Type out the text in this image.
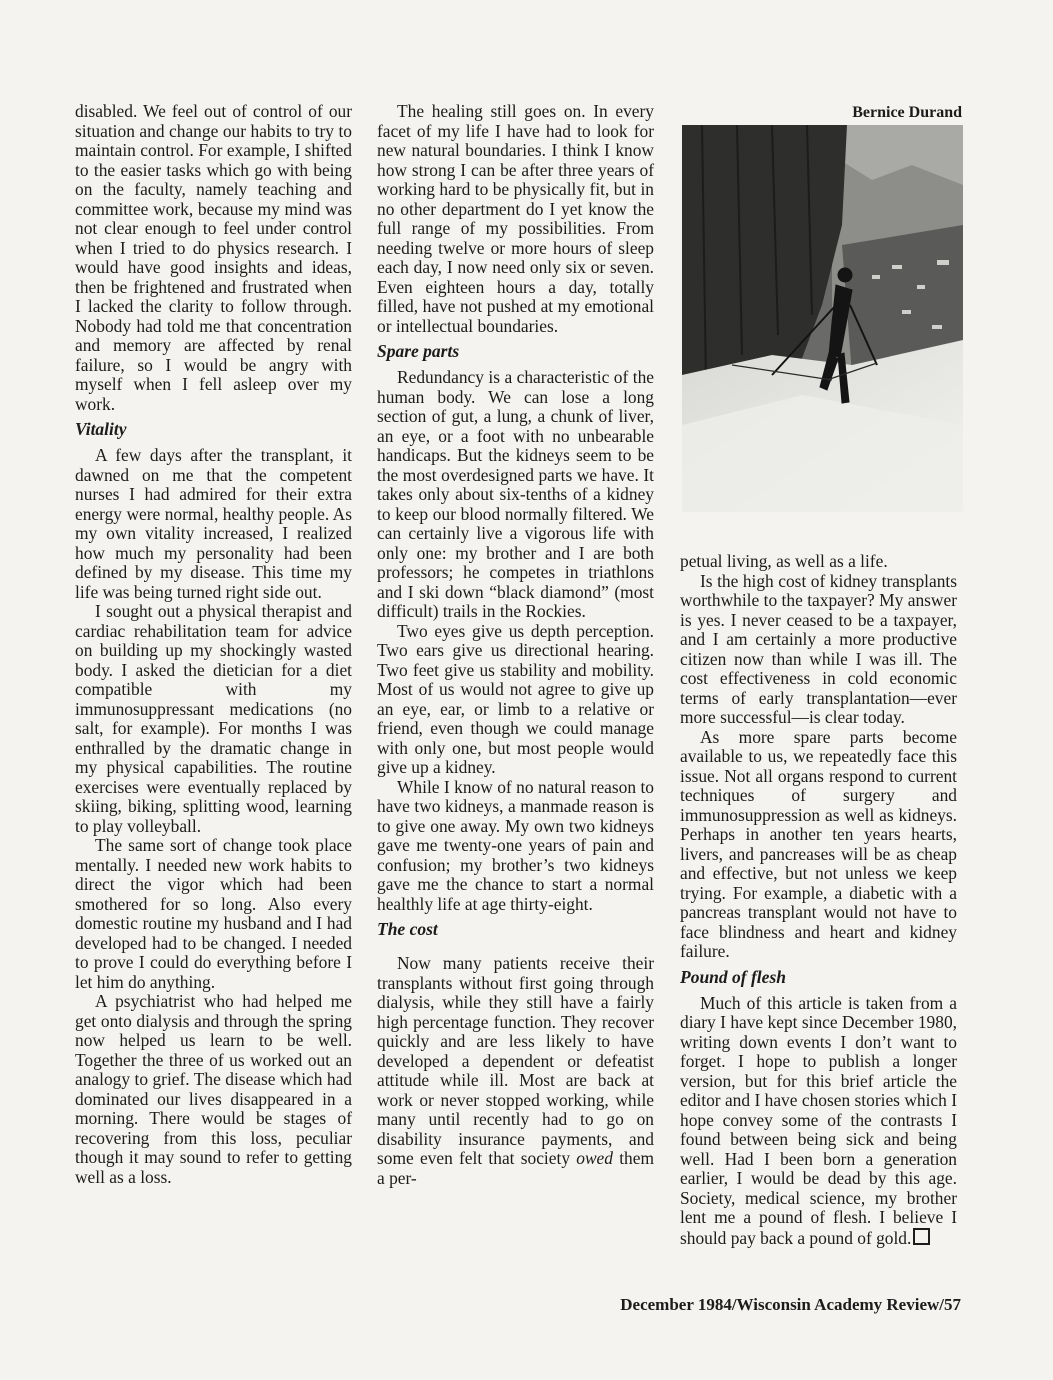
disabled. We feel out of control of our situation and change our habits to try to maintain control. For example, I shifted to the easier tasks which go with being on the faculty, namely teaching and committee work, because my mind was not clear enough to feel under control when I tried to do physics research. I would have good insights and ideas, then be frightened and frustrated when I lacked the clarity to follow through. Nobody had told me that concentration and memory are affected by renal failure, so I would be angry with myself when I fell asleep over my work.

Vitality

A few days after the transplant, it dawned on me that the competent nurses I had admired for their extra energy were normal, healthy people. As my own vitality increased, I realized how much my personality had been defined by my disease. This time my life was being turned right side out.

I sought out a physical therapist and cardiac rehabilitation team for advice on building up my shockingly wasted body. I asked the dietician for a diet compatible with my immunosuppressant medications (no salt, for example). For months I was enthralled by the dramatic change in my physical capabilities. The routine exercises were eventually replaced by skiing, biking, splitting wood, learning to play volleyball.

The same sort of change took place mentally. I needed new work habits to direct the vigor which had been smothered for so long. Also every domestic routine my husband and I had developed had to be changed. I needed to prove I could do everything before I let him do anything.

A psychiatrist who had helped me get onto dialysis and through the spring now helped us learn to be well. Together the three of us worked out an analogy to grief. The disease which had dominated our lives disappeared in a morning. There would be stages of recovering from this loss, peculiar though it may sound to refer to getting well as a loss.

The healing still goes on. In every facet of my life I have had to look for new natural boundaries. I think I know how strong I can be after three years of working hard to be physically fit, but in no other department do I yet know the full range of my possibilities. From needing twelve or more hours of sleep each day, I now need only six or seven. Even eighteen hours a day, totally filled, have not pushed at my emotional or intellectual boundaries.

Spare parts

Redundancy is a characteristic of the human body. We can lose a long section of gut, a lung, a chunk of liver, an eye, or a foot with no unbearable handicaps. But the kidneys seem to be the most overdesigned parts we have. It takes only about six-tenths of a kidney to keep our blood normally filtered. We can certainly live a vigorous life with only one: my brother and I are both professors; he competes in triathlons and I ski down “black diamond” (most difficult) trails in the Rockies.

Two eyes give us depth perception. Two ears give us directional hearing. Two feet give us stability and mobility. Most of us would not agree to give up an eye, ear, or limb to a relative or friend, even though we could manage with only one, but most people would give up a kidney.

While I know of no natural reason to have two kidneys, a manmade reason is to give one away. My own two kidneys gave me twenty-one years of pain and confusion; my brother’s two kidneys gave me the chance to start a normal healthly life at age thirty-eight.

The cost

Now many patients receive their transplants without first going through dialysis, while they still have a fairly high percentage function. They recover quickly and are less likely to have developed a dependent or defeatist attitude while ill. Most are back at work or never stopped working, while many until recently had to go on disability insurance payments, and some even felt that society owed them a per-

Bernice Durand

petual living, as well as a life.

Is the high cost of kidney transplants worthwhile to the taxpayer? My answer is yes. I never ceased to be a taxpayer, and I am certainly a more productive citizen now than while I was ill. The cost effectiveness in cold economic terms of early transplantation—ever more successful—is clear today.

As more spare parts become available to us, we repeatedly face this issue. Not all organs respond to current techniques of surgery and immunosuppression as well as kidneys. Perhaps in another ten years hearts, livers, and pancreases will be as cheap and effective, but not unless we keep trying. For example, a diabetic with a pancreas transplant would not have to face blindness and heart and kidney failure.

Pound of flesh

Much of this article is taken from a diary I have kept since December 1980, writing down events I don’t want to forget. I hope to publish a longer version, but for this brief article the editor and I have chosen stories which I hope convey some of the contrasts I found between being sick and being well. Had I been born a generation earlier, I would be dead by this age. Society, medical science, my brother lent me a pound of flesh. I believe I should pay back a pound of gold.

December 1984/Wisconsin Academy Review/57
